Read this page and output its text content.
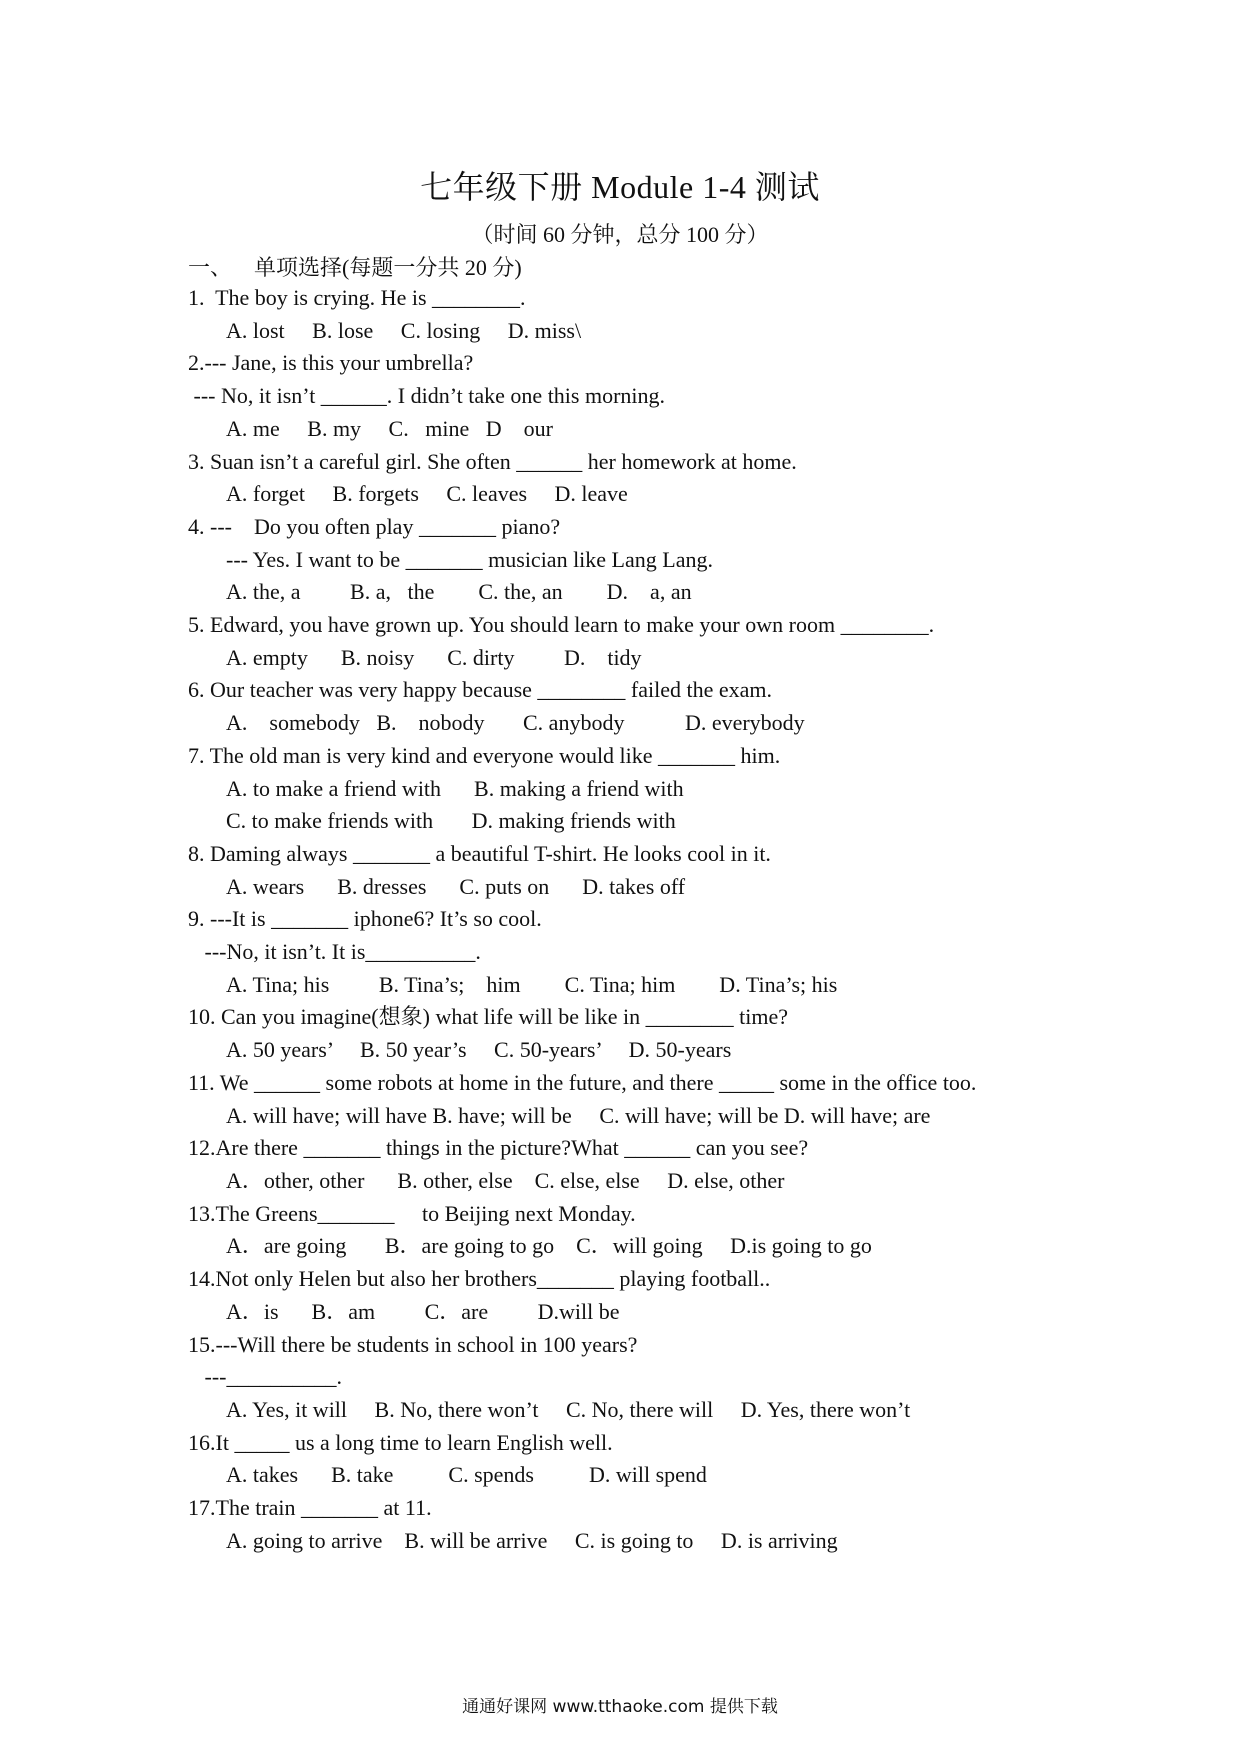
七年级下册 Module 1-4 测试
（时间 60 分钟，总分 100 分）
一、    单项选择(每题一分共 20 分)
1.  The boy is crying. He is ________.
A. lost     B. lose     C. losing     D. miss\
2.--- Jane, is this your umbrella?
--- No, it isn’t ______. I didn’t take one this morning.
A. me     B. my     C.   mine   D    our
3. Suan isn’t a careful girl. She often ______ her homework at home.
A. forget     B. forgets     C. leaves     D. leave
4. ---    Do you often play _______ piano?
--- Yes. I want to be _______ musician like Lang Lang.
A. the, a         B. a,   the        C. the, an        D.    a, an
5. Edward, you have grown up. You should learn to make your own room ________.
A. empty      B. noisy      C. dirty         D.    tidy
6. Our teacher was very happy because ________ failed the exam.
A.    somebody   B.    nobody       C. anybody           D. everybody
7. The old man is very kind and everyone would like _______ him.
A. to make a friend with      B. making a friend with
C. to make friends with       D. making friends with
8. Daming always _______ a beautiful T-shirt. He looks cool in it.
A. wears      B. dresses      C. puts on      D. takes off
9. ---It is _______ iphone6? It’s so cool.
---No, it isn’t. It is__________.
A. Tina; his         B. Tina’s;    him        C. Tina; him        D. Tina’s; his
10. Can you imagine(想象) what life will be like in ________ time?
A. 50 years’     B. 50 year’s     C. 50-years’     D. 50-years
11. We ______ some robots at home in the future, and there _____ some in the office too.
A. will have; will have B. have; will be     C. will have; will be D. will have; are
12.Are there _______ things in the picture?What ______ can you see?
A．other, other      B. other, else    C. else, else     D. else, other
13.The Greens_______     to Beijing next Monday.
A．are going       B．are going to go    C．will going     D.is going to go
14.Not only Helen but also her brothers_______ playing football..
A．is      B．am         C．are         D.will be
15.---Will there be students in school in 100 years?
---__________.
A. Yes, it will     B. No, there won’t     C. No, there will     D. Yes, there won’t
16.It _____ us a long time to learn English well.
A. takes      B. take          C. spends          D. will spend
17.The train _______ at 11.
A. going to arrive    B. will be arrive     C. is going to     D. is arriving
通通好课网 www.tthaoke.com 提供下载
